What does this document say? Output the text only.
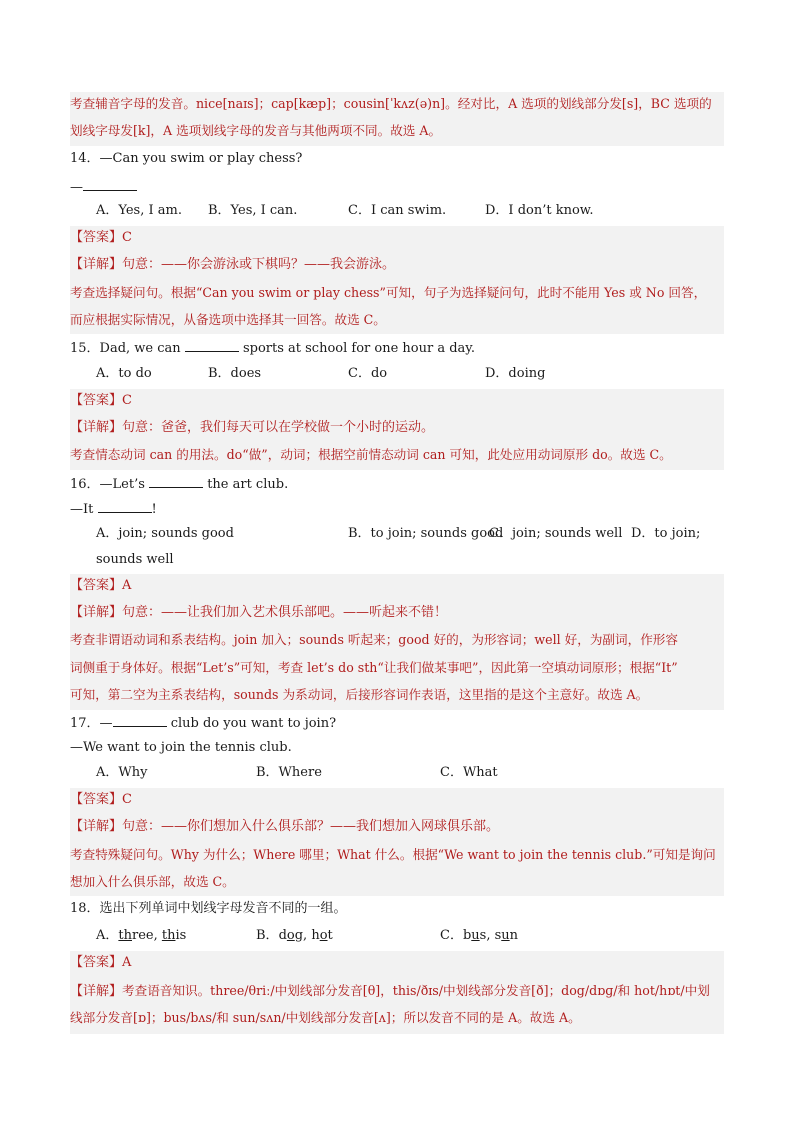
考查辅音字母的发音。nice[naɪs]；cap[kæp]；cousin[ˈkʌz(ə)n]。经对比，A 选项的划线部分发[s]，BC 选项的
划线字母发[k]，A 选项划线字母的发音与其他两项不同。故选 A。
14．—Can you swim or play chess?
—
A．Yes, I am. B．Yes, I can.	C．I can swim.	D．I don’t know.
【答案】C
【详解】句意：——你会游泳或下棋吗？——我会游泳。
考查选择疑问句。根据“Can you swim or play chess”可知，句子为选择疑问句，此时不能用 Yes 或 No 回答，
而应根据实际情况，从备选项中选择其一回答。故选 C。
15．Dad, we can	sports at school for one hour a day.
A．to do	B．does	C．do	D．doing
【答案】C
【详解】句意：爸爸，我们每天可以在学校做一个小时的运动。
考查情态动词 can 的用法。do“做”，动词；根据空前情态动词 can 可知，此处应用动词原形 do。故选 C。
16．—Let’s	the art club.
—It	!
A．join; sounds good	B．to join; sounds good
C．join; sounds well D．to join;
sounds well
【答案】A
【详解】句意：——让我们加入艺术俱乐部吧。——听起来不错！
考查非谓语动词和系表结构。join 加入；sounds 听起来；good 好的，为形容词；well 好，为副词，作形容
词侧重于身体好。根据“Let’s”可知，考查 let’s do sth“让我们做某事吧”，因此第一空填动词原形；根据“It”
可知，第二空为主系表结构，sounds 为系动词，后接形容词作表语，这里指的是这个主意好。故选 A。
17．—	club do you want to join?
—We want to join the tennis club.
A．Why	B．Where	C．What
【答案】C
【详解】句意：——你们想加入什么俱乐部？——我们想加入网球俱乐部。
考查特殊疑问句。Why 为什么；Where 哪里；What 什么。根据“We want to join the tennis club.”可知是询问
想加入什么俱乐部，故选 C。
18．选出下列单词中划线字母发音不同的一组。
A．three, this	B．dog, hot	C．bus, sun
【答案】A
【详解】考查语音知识。three/θriː/中划线部分发音[θ]，this/ðɪs/中划线部分发音[ð]；dog/dɒɡ/和 hot/hɒt/中划
线部分发音[ɒ]；bus/bʌs/和 sun/sʌn/中划线部分发音[ʌ]；所以发音不同的是 A。故选 A。
